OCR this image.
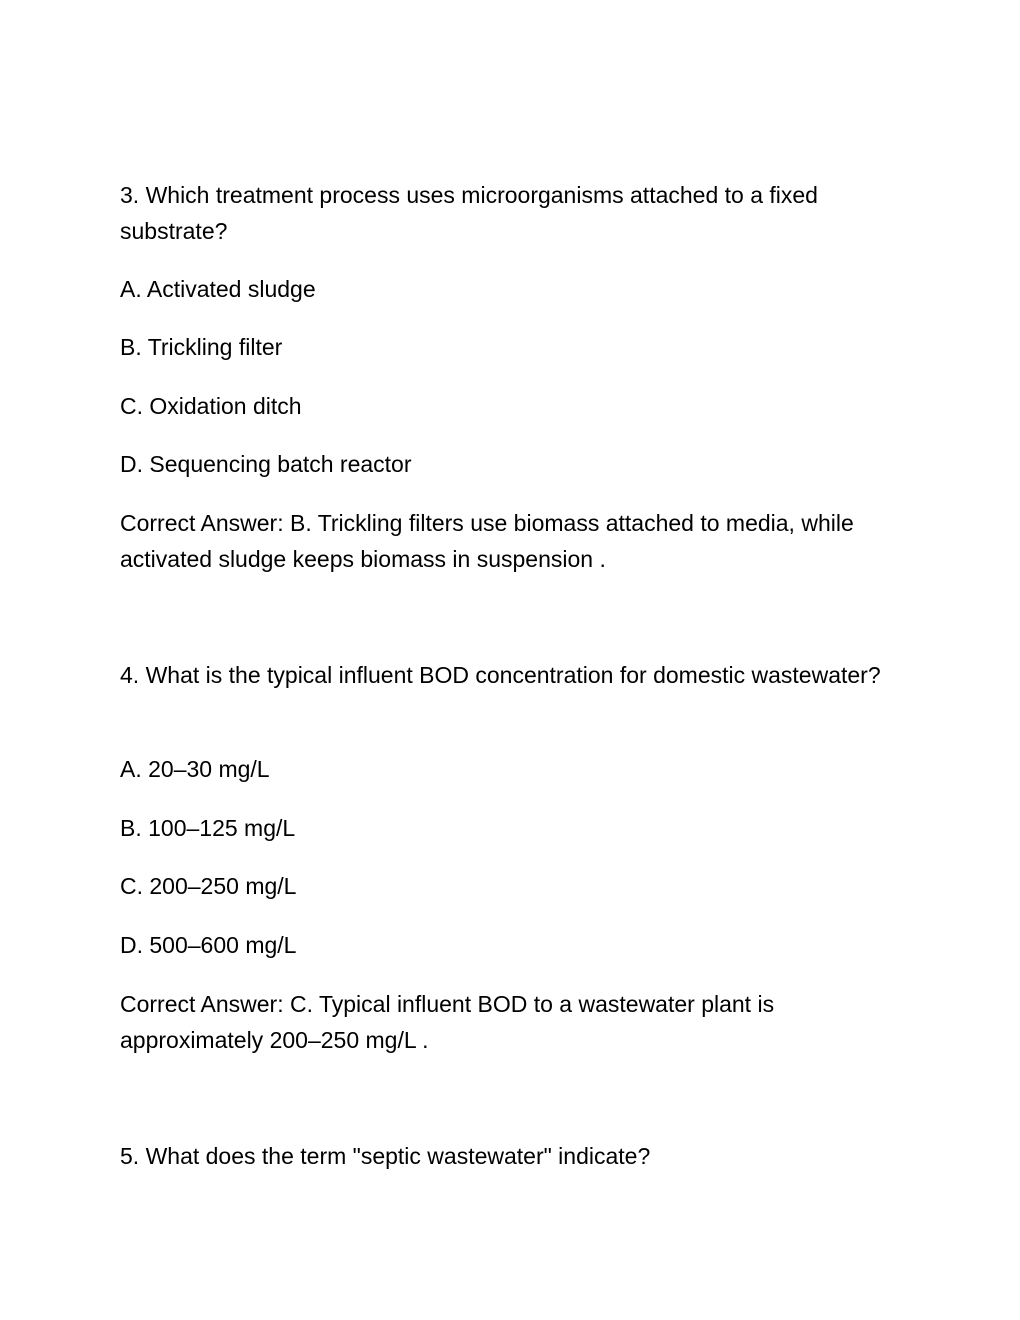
3. Which treatment process uses microorganisms attached to a fixed substrate?

A. Activated sludge

B. Trickling filter

C. Oxidation ditch

D. Sequencing batch reactor

Correct Answer: B. Trickling filters use biomass attached to media, while activated sludge keeps biomass in suspension .

4. What is the typical influent BOD concentration for domestic wastewater?

A. 20–30 mg/L

B. 100–125 mg/L

C. 200–250 mg/L

D. 500–600 mg/L

Correct Answer: C. Typical influent BOD to a wastewater plant is approximately 200–250 mg/L .

5. What does the term "septic wastewater" indicate?
